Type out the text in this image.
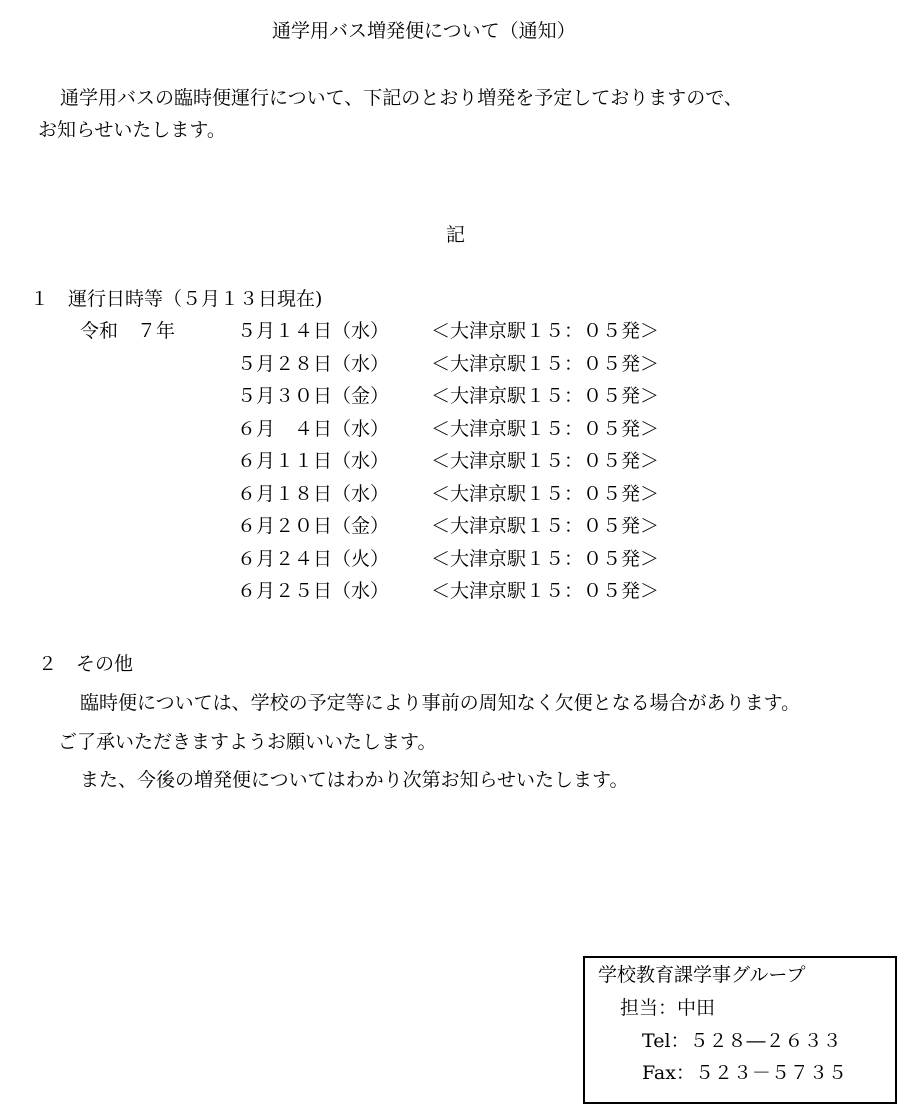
通学用バス増発便について（通知）
通学用バスの臨時便運行について、下記のとおり増発を予定しておりますので、
お知らせいたします。
記
１　運行日時等（５月１３日現在)
令和　７年	５月１４日（水） ＜大津京駅１５：０５発＞
５月２８日（水） ＜大津京駅１５：０５発＞
５月３０日（金） ＜大津京駅１５：０５発＞
６月　４日（水） ＜大津京駅１５：０５発＞
６月１１日（水） ＜大津京駅１５：０５発＞
６月１８日（水） ＜大津京駅１５：０５発＞
６月２０日（金） ＜大津京駅１５：０５発＞
６月２４日（火） ＜大津京駅１５：０５発＞
６月２５日（水） ＜大津京駅１５：０５発＞
２　その他
臨時便については、学校の予定等により事前の周知なく欠便となる場合があります。
ご了承いただきますようお願いいたします。
また、今後の増発便についてはわかり次第お知らせいたします。
学校教育課学事グループ
担当：中田
Tel：５２８―２６３３
Fax：５２３－５７３５
